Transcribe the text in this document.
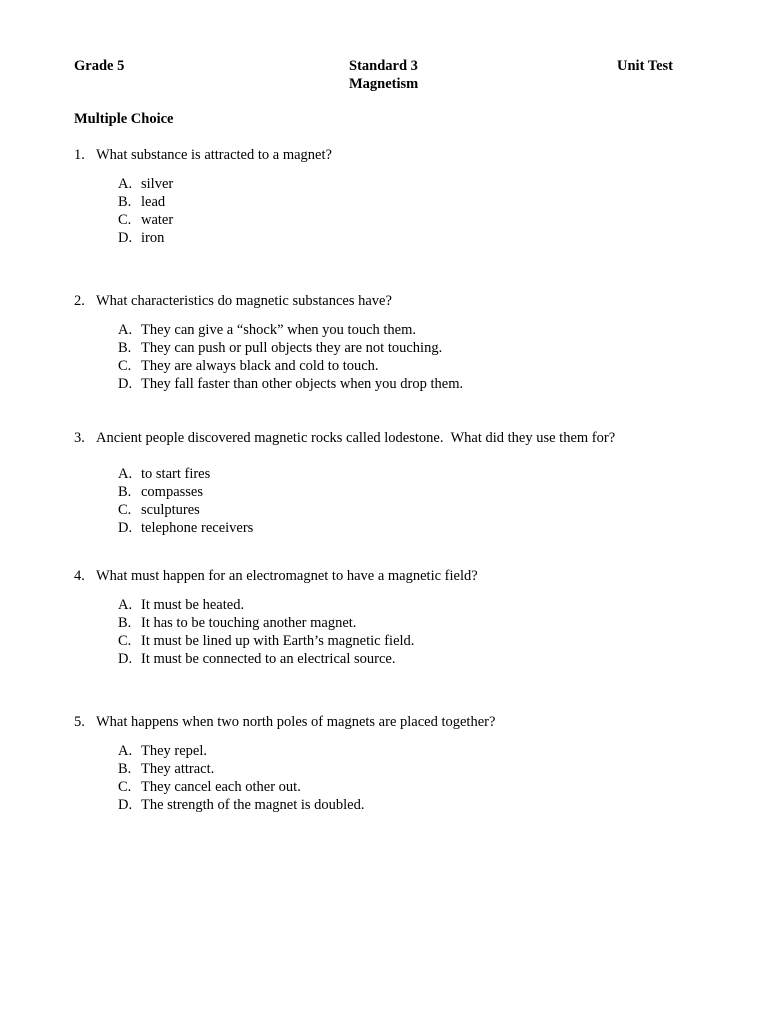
Grade 5	Standard 3
Magnetism
Unit Test
Multiple Choice
1. What substance is attracted to a magnet?
A. silver
B. lead
C. water
D. iron
2. What characteristics do magnetic substances have?
A. They can give a “shock” when you touch them.
B. They can push or pull objects they are not touching.
C. They are always black and cold to touch.
D. They fall faster than other objects when you drop them.
3. Ancient people discovered magnetic rocks called lodestone.  What did they use them for?
A. to start fires
B. compasses
C. sculptures
D. telephone receivers
4. What must happen for an electromagnet to have a magnetic field?
A. It must be heated.
B. It has to be touching another magnet.
C. It must be lined up with Earth’s magnetic field.
D. It must be connected to an electrical source.
5. What happens when two north poles of magnets are placed together?
A. They repel.
B. They attract.
C. They cancel each other out.
D. The strength of the magnet is doubled.
